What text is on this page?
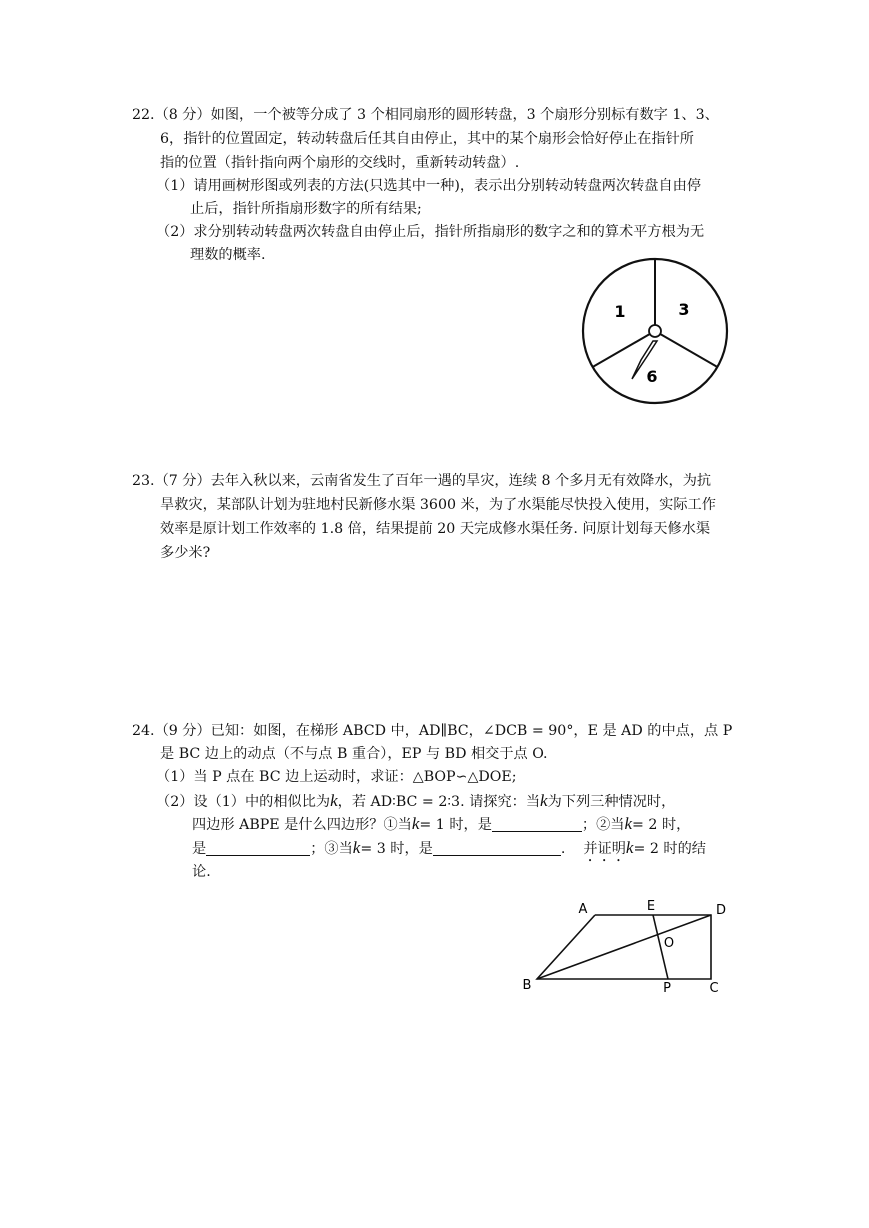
22.（8 分）如图，一个被等分成了 3 个相同扇形的圆形转盘，3 个扇形分别标有数字 1、3、
6，指针的位置固定，转动转盘后任其自由停止，其中的某个扇形会恰好停止在指针所
指的位置（指针指向两个扇形的交线时，重新转动转盘）.
（1）请用画树形图或列表的方法(只选其中一种)，表示出分别转动转盘两次转盘自由停
止后，指针所指扇形数字的所有结果;
（2）求分别转动转盘两次转盘自由停止后，指针所指扇形的数字之和的算术平方根为无
理数的概率.
1	3
6
23.（7 分）去年入秋以来，云南省发生了百年一遇的旱灾，连续 8 个多月无有效降水，为抗
旱救灾，某部队计划为驻地村民新修水渠 3600 米，为了水渠能尽快投入使用，实际工作
效率是原计划工作效率的 1.8 倍，结果提前 20 天完成修水渠任务. 问原计划每天修水渠
多少米?
24.（9 分）已知：如图，在梯形 ABCD 中，AD∥BC，∠DCB = 90°，E 是 AD 的中点，点 P
是 BC 边上的动点（不与点 B 重合），EP 与 BD 相交于点 O.
（1）当 P 点在 BC 边上运动时，求证：△BOP∽△DOE;
（2）设（1）中的相似比为k，若 AD∶BC = 2∶3. 请探究：当k为下列三种情况时，
四边形 ABPE 是什么四边形？①当k= 1 时，是	；②当k= 2 时，
是	；③当k= 3 时，是	. 并证明k= 2 时的结
论.
A	E	D
O
B	P	C
